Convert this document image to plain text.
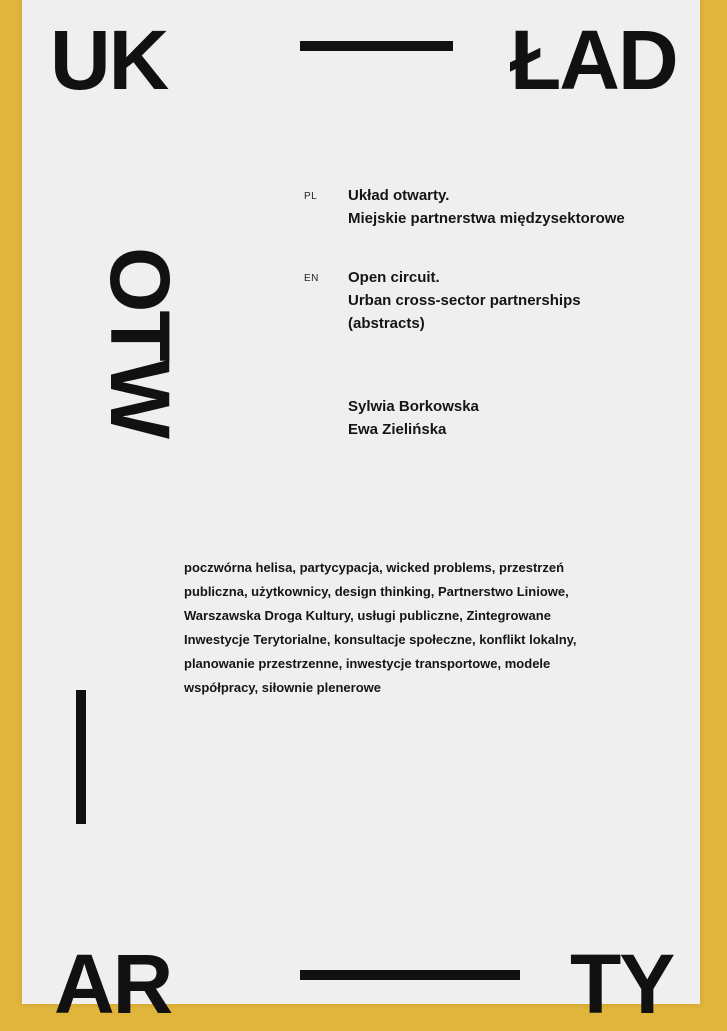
UK	ŁAD
OTW
AR	TY
PL Układ otwarty.
Miejskie partnerstwa międzysektorowe
EN Open circuit.
Urban cross-sector partnerships
(abstracts)
Sylwia Borkowska
Ewa Zielińska
poczwórna helisa, partycypacja, wicked problems, przestrzeń
publiczna, użytkownicy, design thinking, Partnerstwo Liniowe,
Warszawska Droga Kultury, usługi publiczne, Zintegrowane
Inwestycje Terytorialne, konsultacje społeczne, konflikt lokalny,
planowanie przestrzenne, inwestycje transportowe, modele
współpracy, siłownie plenerowe
